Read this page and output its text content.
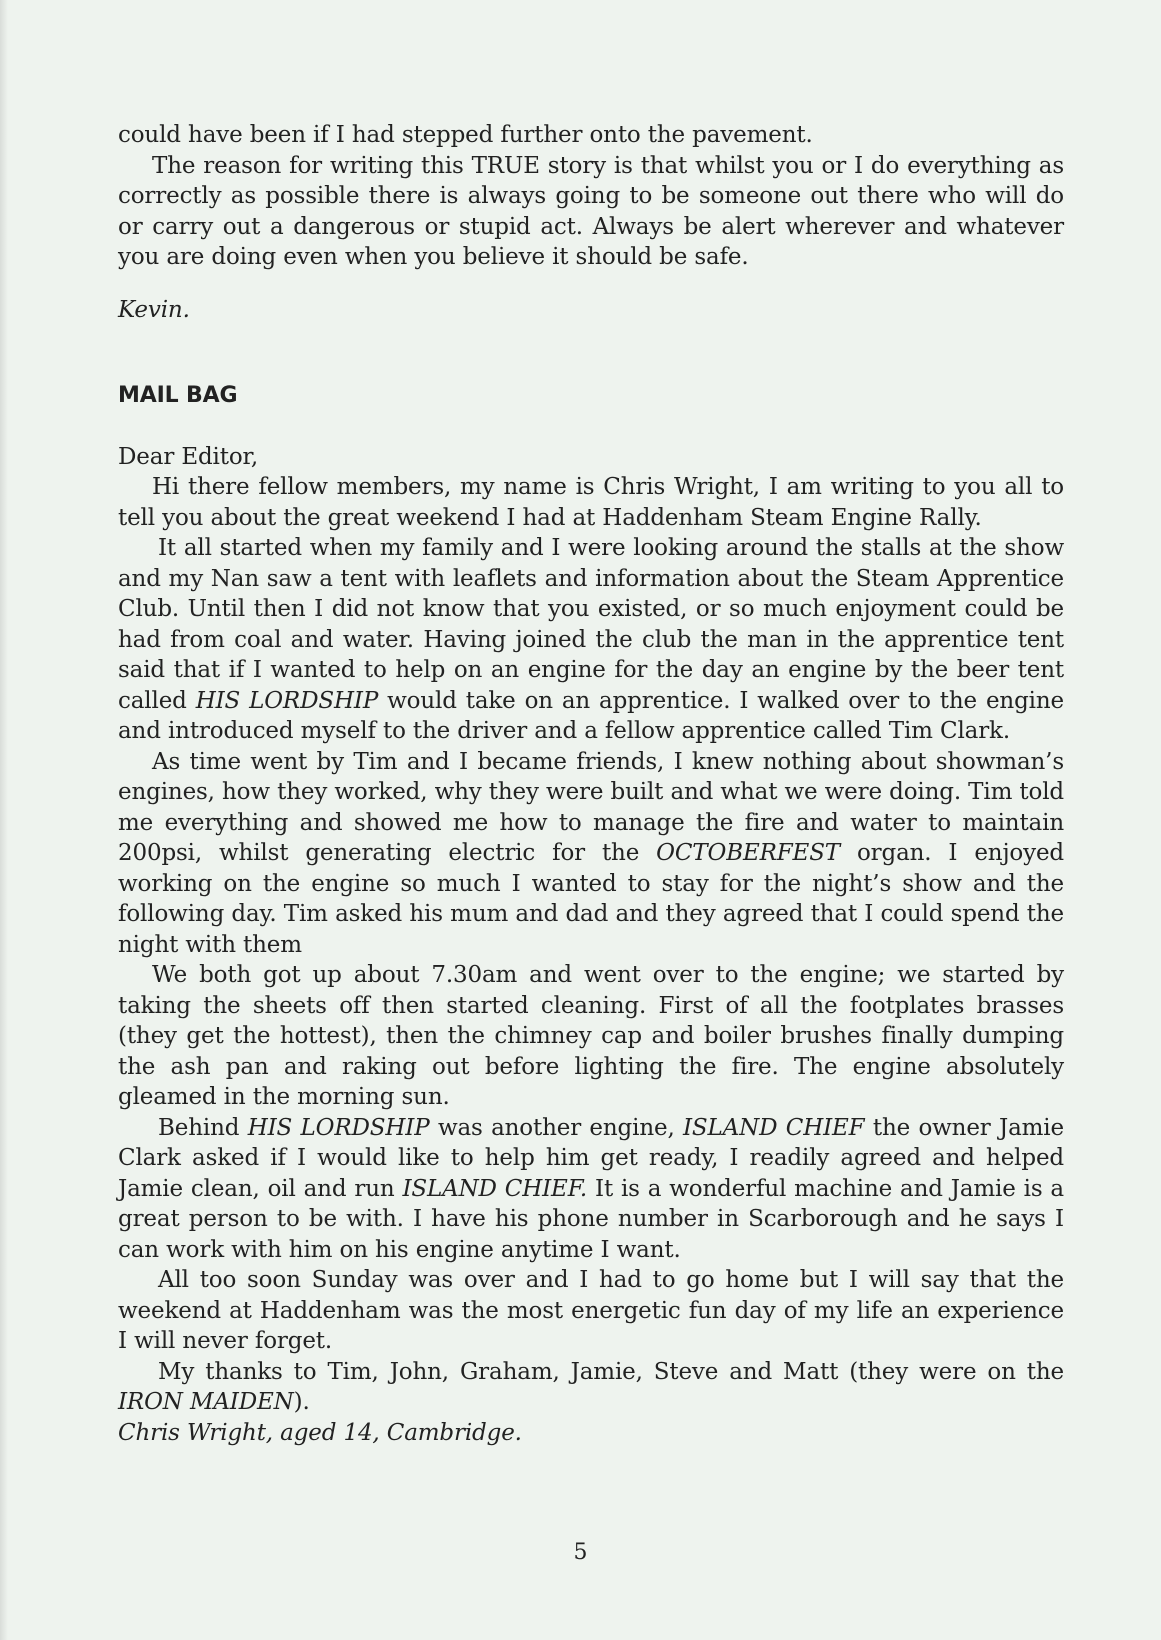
could have been if I had stepped further onto the pavement.

The reason for writing this TRUE story is that whilst you or I do everything as correctly as possible there is always going to be someone out there who will do or carry out a dangerous or stupid act. Always be alert wherever and whatever you are doing even when you believe it should be safe.

Kevin.

MAIL BAG

Dear Editor,

Hi there fellow members, my name is Chris Wright, I am writing to you all to tell you about the great weekend I had at Haddenham Steam Engine Rally.

It all started when my family and I were looking around the stalls at the show and my Nan saw a tent with leaflets and information about the Steam Apprentice Club. Until then I did not know that you existed, or so much enjoyment could be had from coal and water. Having joined the club the man in the apprentice tent said that if I wanted to help on an engine for the day an engine by the beer tent called HIS LORDSHIP would take on an apprentice. I walked over to the engine and introduced myself to the driver and a fellow apprentice called Tim Clark.

As time went by Tim and I became friends, I knew nothing about showman’s engines, how they worked, why they were built and what we were doing. Tim told me everything and showed me how to manage the fire and water to maintain 200psi, whilst generating electric for the OCTOBERFEST organ. I enjoyed working on the engine so much I wanted to stay for the night’s show and the following day. Tim asked his mum and dad and they agreed that I could spend the night with them

We both got up about 7.30am and went over to the engine; we started by taking the sheets off then started cleaning. First of all the footplates brasses (they get the hottest), then the chimney cap and boiler brushes finally dumping the ash pan and raking out before lighting the fire. The engine absolutely gleamed in the morning sun.

Behind HIS LORDSHIP was another engine, ISLAND CHIEF the owner Jamie Clark asked if I would like to help him get ready, I readily agreed and helped Jamie clean, oil and run ISLAND CHIEF. It is a wonderful machine and Jamie is a great person to be with. I have his phone number in Scarborough and he says I can work with him on his engine anytime I want.

All too soon Sunday was over and I had to go home but I will say that the weekend at Haddenham was the most energetic fun day of my life an experience I will never forget.

My thanks to Tim, John, Graham, Jamie, Steve and Matt (they were on the IRON MAIDEN).

Chris Wright, aged 14, Cambridge.

5
